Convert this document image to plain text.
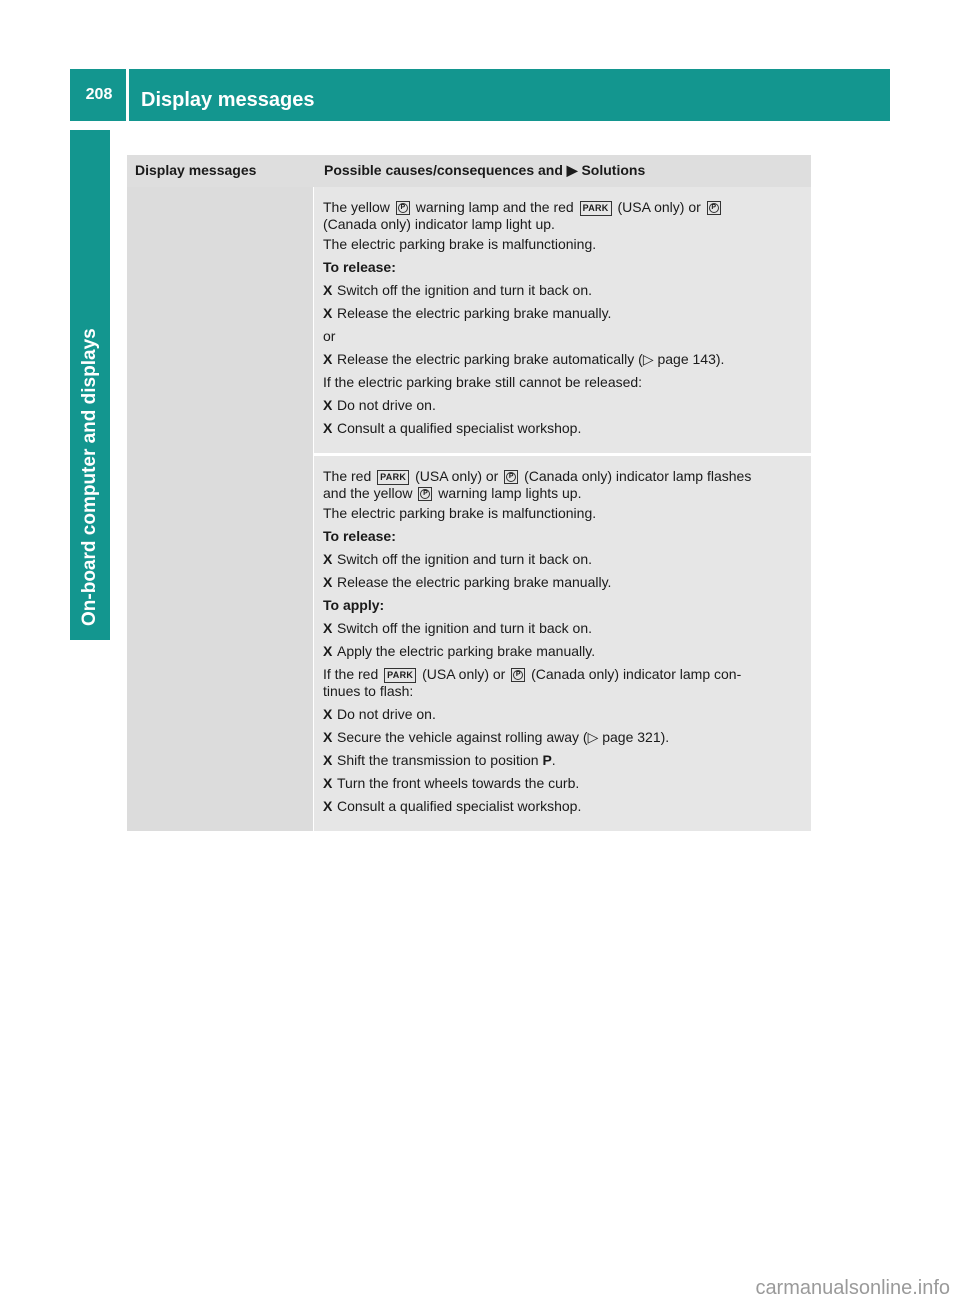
208	Display messages
On-board computer and displays
Display messages	Possible causes/consequences and ▶ Solutions
The yellow P warning lamp and the red PARK (USA only) or P
(Canada only) indicator lamp light up.
The electric parking brake is malfunctioning.
To release:
X Switch off the ignition and turn it back on.
X Release the electric parking brake manually.
or
X Release the electric parking brake automatically (▷ page 143).
If the electric parking brake still cannot be released:
X Do not drive on.
X Consult a qualified specialist workshop.
The red PARK (USA only) or P (Canada only) indicator lamp flashes
and the yellow P warning lamp lights up.
The electric parking brake is malfunctioning.
To release:
X Switch off the ignition and turn it back on.
X Release the electric parking brake manually.
To apply:
X Switch off the ignition and turn it back on.
X Apply the electric parking brake manually.
If the red PARK (USA only) or P (Canada only) indicator lamp con-
tinues to flash:
X Do not drive on.
X Secure the vehicle against rolling away (▷ page 321).
X Shift the transmission to position P.
X Turn the front wheels towards the curb.
X Consult a qualified specialist workshop.
carmanualsonline.info
